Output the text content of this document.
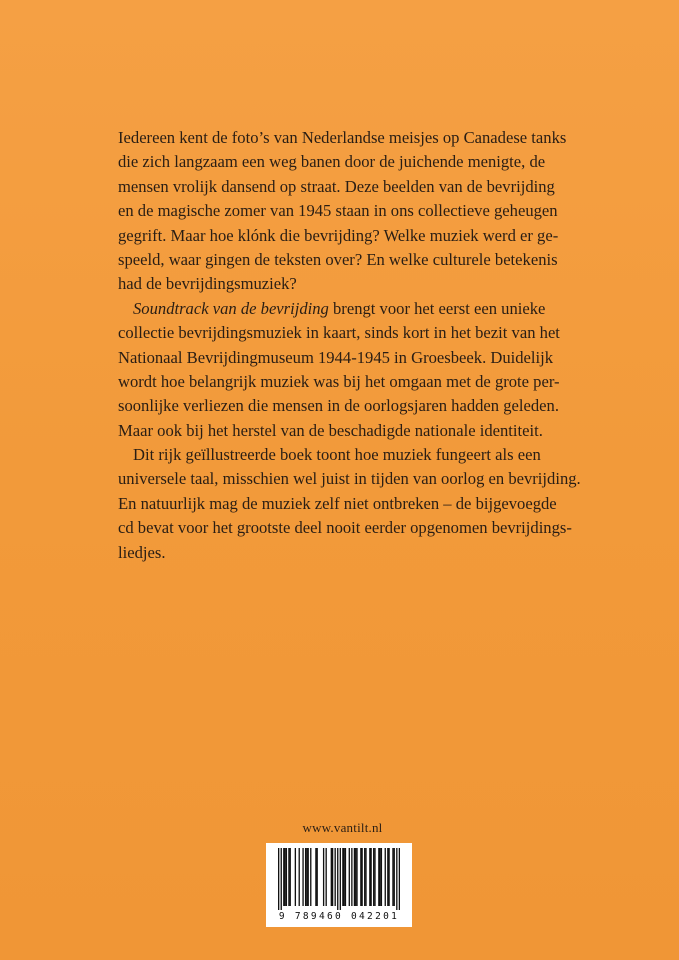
Iedereen kent de foto’s van Nederlandse meisjes op Canadese tanks
die zich langzaam een weg banen door de juichende menigte, de
mensen vrolijk dansend op straat. Deze beelden van de bevrijding
en de magische zomer van 1945 staan in ons collectieve geheugen
gegrift. Maar hoe klónk die bevrijding? Welke muziek werd er ge-
speeld, waar gingen de teksten over? En welke culturele betekenis
had de bevrijdingsmuziek?
Soundtrack van de bevrijding brengt voor het eerst een unieke
collectie bevrijdingsmuziek in kaart, sinds kort in het bezit van het
Nationaal Bevrijdingmuseum 1944-1945 in Groesbeek. Duidelijk
wordt hoe belangrijk muziek was bij het omgaan met de grote per-
soonlijke verliezen die mensen in de oorlogsjaren hadden geleden.
Maar ook bij het herstel van de beschadigde nationale identiteit.
Dit rijk geïllustreerde boek toont hoe muziek fungeert als een
universele taal, misschien wel juist in tijden van oorlog en bevrijding.
En natuurlijk mag de muziek zelf niet ontbreken – de bijgevoegde
cd bevat voor het grootste deel nooit eerder opgenomen bevrijdings-
liedjes.
www.vantilt.nl
9 789460 042201
